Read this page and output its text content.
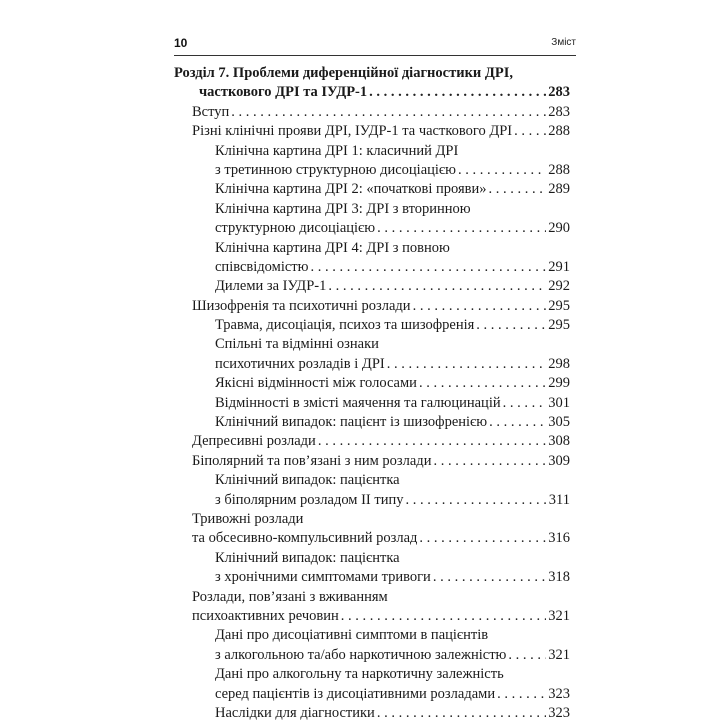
10	Зміст
Розділ 7. Проблеми диференційної діагностики ДРІ,
часткового ДРІ та ІУДР-1 . . .	283
Вступ . . .	283
Різні клінічні прояви ДРІ, ІУДР-1 та часткового ДРІ . . . 288
Клінічна картина ДРІ 1: класичний ДРІ
з третинною структурною дисоціацією . . .	288
Клінічна картина ДРІ 2: «початкові прояви» . . .	289
Клінічна картина ДРІ 3: ДРІ з вторинною
структурною дисоціацією . . .	290
Клінічна картина ДРІ 4: ДРІ з повною
співсвідомістю . . .	291
Дилеми за ІУДР-1 . . .	292
Шизофренія та психотичні розлади . . .	295
Травма, дисоціація, психоз та шизофренія . . .	295
Спільні та відмінні ознаки
психотичних розладів і ДРІ . . .	298
Якісні відмінності між голосами . . .	299
Відмінності в змісті маячення та галюцинацій . . .	301
Клінічний випадок: пацієнт із шизофренією . . .	305
Депресивні розлади . . .	308
Біполярний та пов’язані з ним розлади . . .	309
Клінічний випадок: пацієнтка
з біполярним розладом ІІ типу . . .	311
Тривожні розлади
та обсесивно-компульсивний розлад . . .	316
Клінічний випадок: пацієнтка
з хронічними симптомами тривоги . . .	318
Розлади, пов’язані з вживанням
психоактивних речовин . . .	321
Дані про дисоціативні симптоми в пацієнтів
з алкогольною та/або наркотичною залежністю . . .	321
Дані про алкогольну та наркотичну залежність
серед пацієнтів із дисоціативними розладами . . .	323
Наслідки для діагностики . . .	323
